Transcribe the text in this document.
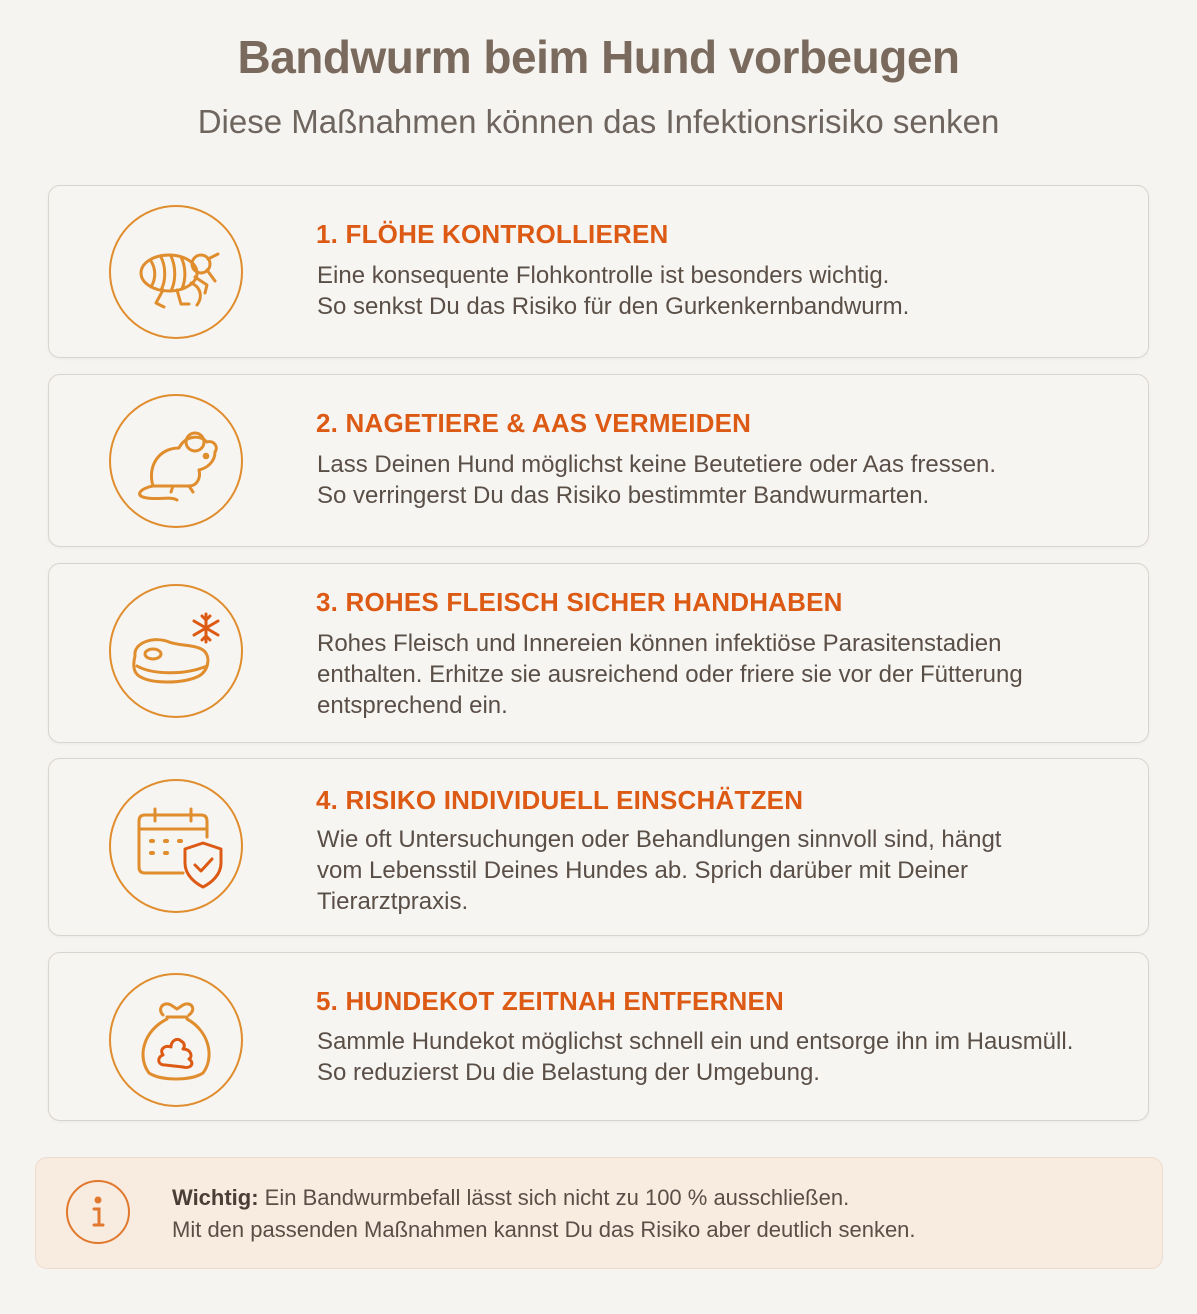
Bandwurm beim Hund vorbeugen
Diese Maßnahmen können das Infektionsrisiko senken
1. FLÖHE KONTROLLIEREN
Eine konsequente Flohkontrolle ist besonders wichtig.
So senkst Du das Risiko für den Gurkenkernbandwurm.
2. NAGETIERE & AAS VERMEIDEN
Lass Deinen Hund möglichst keine Beutetiere oder Aas fressen.
So verringerst Du das Risiko bestimmter Bandwurmarten.
3. ROHES FLEISCH SICHER HANDHABEN
Rohes Fleisch und Innereien können infektiöse Parasitenstadien
enthalten. Erhitze sie ausreichend oder friere sie vor der Fütterung
entsprechend ein.
4. RISIKO INDIVIDUELL EINSCHÄTZEN
Wie oft Untersuchungen oder Behandlungen sinnvoll sind, hängt
vom Lebensstil Deines Hundes ab. Sprich darüber mit Deiner
Tierarztpraxis.
5. HUNDEKOT ZEITNAH ENTFERNEN
Sammle Hundekot möglichst schnell ein und entsorge ihn im Hausmüll.
So reduzierst Du die Belastung der Umgebung.
Wichtig: Ein Bandwurmbefall lässt sich nicht zu 100 % ausschließen.
Mit den passenden Maßnahmen kannst Du das Risiko aber deutlich senken.
